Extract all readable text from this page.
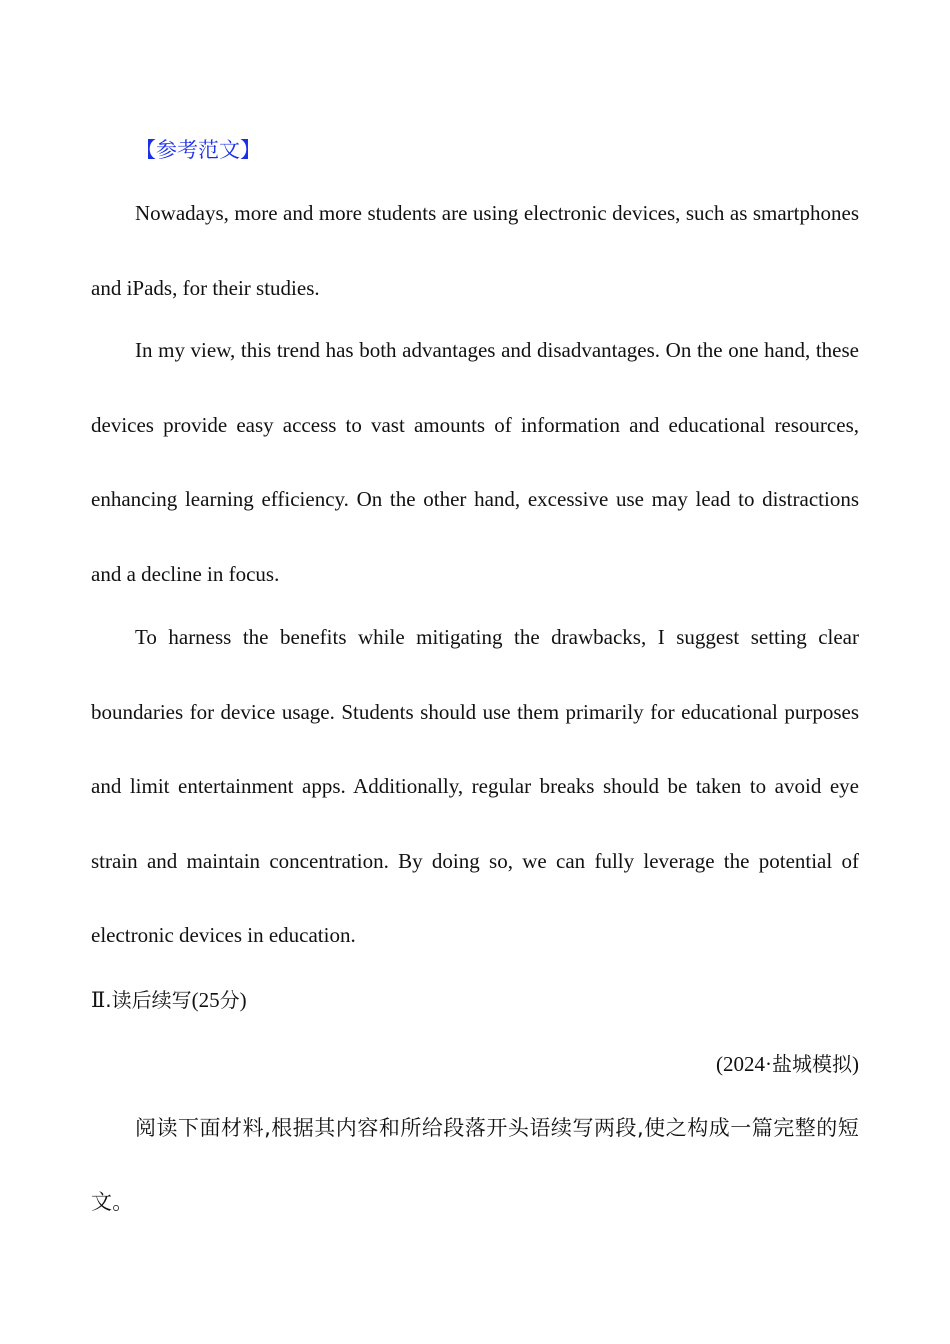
【参考范文】

Nowadays, more and more students are using electronic devices, such as smartphones and iPads, for their studies.

In my view, this trend has both advantages and disadvantages. On the one hand, these devices provide easy access to vast amounts of information and educational resources, enhancing learning efficiency. On the other hand, excessive use may lead to distractions and a decline in focus.

To harness the benefits while mitigating the drawbacks, I suggest setting clear boundaries for device usage. Students should use them primarily for educational purposes and limit entertainment apps. Additionally, regular breaks should be taken to avoid eye strain and maintain concentration. By doing so, we can fully leverage the potential of electronic devices in education.

Ⅱ.读后续写(25分)
(2024·盐城模拟)

阅读下面材料,根据其内容和所给段落开头语续写两段,使之构成一篇完整的短文。
